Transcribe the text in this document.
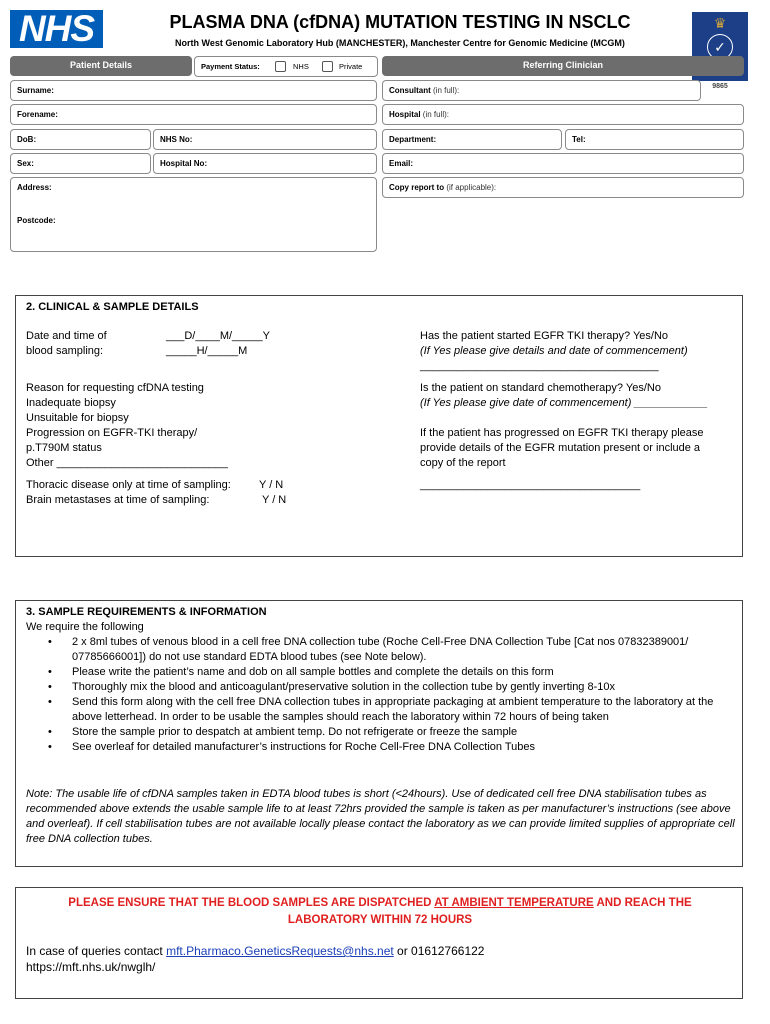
NHS	PLASMA DNA (cfDNA) MUTATION TESTING IN NSCLC
North West Genomic Laboratory Hub (MANCHESTER), Manchester Centre for Genomic Medicine (MCGM)
♛
✓
9865
Patient Details	Payment Status:	NHS	Private	Referring Clinician
Surname:
Forename:
DoB:	NHS No:
Sex:	Hospital No:
Address:
Postcode:
Consultant (in full):
Hospital (in full):
Department:	Tel:
Email:
Copy report to (if applicable):
2. CLINICAL & SAMPLE DETAILS
Date and time of
blood sampling:
___D/____M/_____Y
_____H/_____M
Reason for requesting cfDNA testing
Inadequate biopsy
Unsuitable for biopsy
Progression on EGFR-TKI therapy/
p.T790M status
Other ____________________________
Thoracic disease only at time of sampling:	Y / N
Brain metastases at time of sampling:	Y / N
Has the patient started EGFR TKI therapy? Yes/No
(If Yes please give details and date of commencement)
_______________________________________
Is the patient on standard chemotherapy? Yes/No
(If Yes please give date of commencement) ____________
If the patient has progressed on EGFR TKI therapy please
provide details of the EGFR mutation present or include a
copy of the report
____________________________________
3. SAMPLE REQUIREMENTS & INFORMATION
We require the following
• 2 x 8ml tubes of venous blood in a cell free DNA collection tube (Roche Cell-Free DNA Collection Tube [Cat nos 07832389001/ 07785666001]) do not use standard EDTA blood tubes (see Note below).
• Please write the patient’s name and dob on all sample bottles and complete the details on this form
• Thoroughly mix the blood and anticoagulant/preservative solution in the collection tube by gently inverting 8-10x
• Send this form along with the cell free DNA collection tubes in appropriate packaging at ambient temperature to the laboratory at the above letterhead. In order to be usable the samples should reach the laboratory within 72 hours of being taken
• Store the sample prior to despatch at ambient temp. Do not refrigerate or freeze the sample
• See overleaf for detailed manufacturer’s instructions for Roche Cell-Free DNA Collection Tubes
Note: The usable life of cfDNA samples taken in EDTA blood tubes is short (<24hours). Use of dedicated cell free DNA stabilisation tubes as recommended above extends the usable sample life to at least 72hrs provided the sample is taken as per manufacturer’s instructions (see above and overleaf). If cell stabilisation tubes are not available locally please contact the laboratory as we can provide limited supplies of appropriate cell free DNA collection tubes.
PLEASE ENSURE THAT THE BLOOD SAMPLES ARE DISPATCHED AT AMBIENT TEMPERATURE AND REACH THE
LABORATORY WITHIN 72 HOURS
In case of queries contact mft.Pharmaco.GeneticsRequests@nhs.net or 01612766122
https://mft.nhs.uk/nwglh/
